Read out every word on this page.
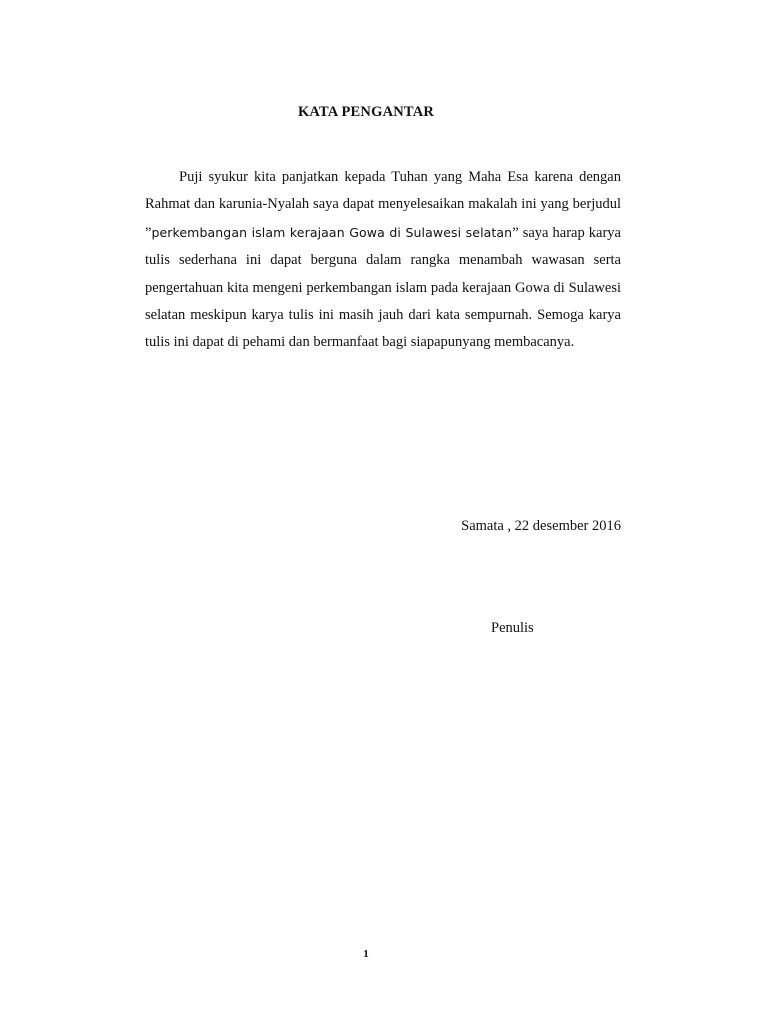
KATA PENGANTAR

Puji syukur kita panjatkan kepada Tuhan yang Maha Esa karena dengan Rahmat dan karunia-Nyalah saya dapat menyelesaikan makalah ini yang berjudul ”perkembangan islam kerajaan Gowa di Sulawesi selatan” saya harap karya tulis sederhana ini dapat berguna dalam rangka menambah wawasan serta pengertahuan kita mengeni perkembangan islam pada kerajaan Gowa di Sulawesi selatan meskipun karya tulis ini masih jauh dari kata sempurnah. Semoga karya tulis ini dapat di pehami dan bermanfaat bagi siapapunyang membacanya.

Samata , 22 desember 2016
Penulis
1
